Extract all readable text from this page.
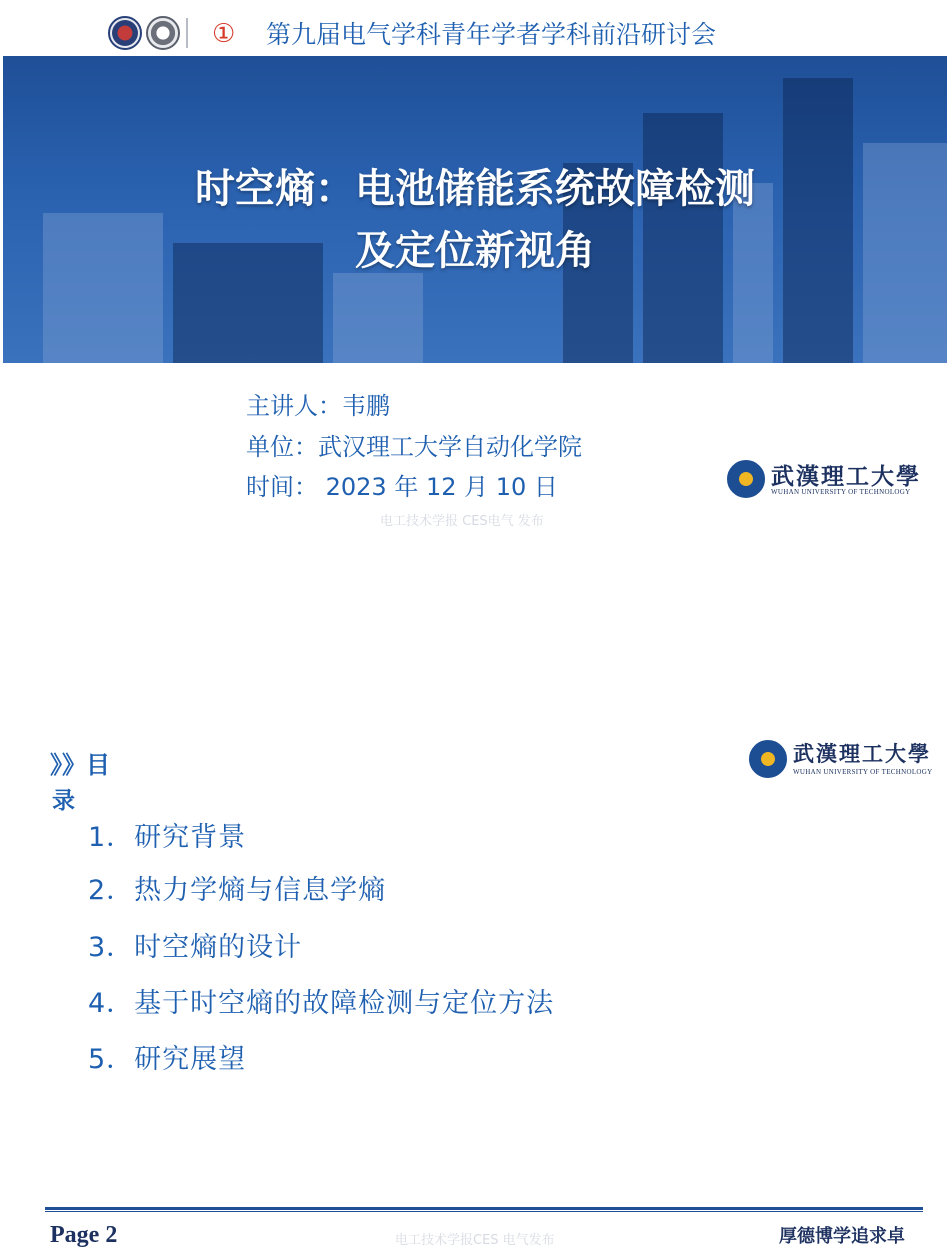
① 第九届电气学科青年学者学科前沿研讨会
时空熵：电池储能系统故障检测
及定位新视角
主讲人：韦鹏
单位：武汉理工大学自动化学院
时间： 2023 年 12 月 10 日	武漢理工大學
WUHAN UNIVERSITY OF TECHNOLOGY
电工技术学报 CES电气 发布
武漢理工大學
WUHAN UNIVERSITY OF TECHNOLOGY
》》目
录
1．研究背景
2．热力学熵与信息学熵
3．时空熵的设计
4．基于时空熵的故障检测与定位方法
5．研究展望
Page 2	电工技术学报CES 电气发布	厚德博学追求卓
